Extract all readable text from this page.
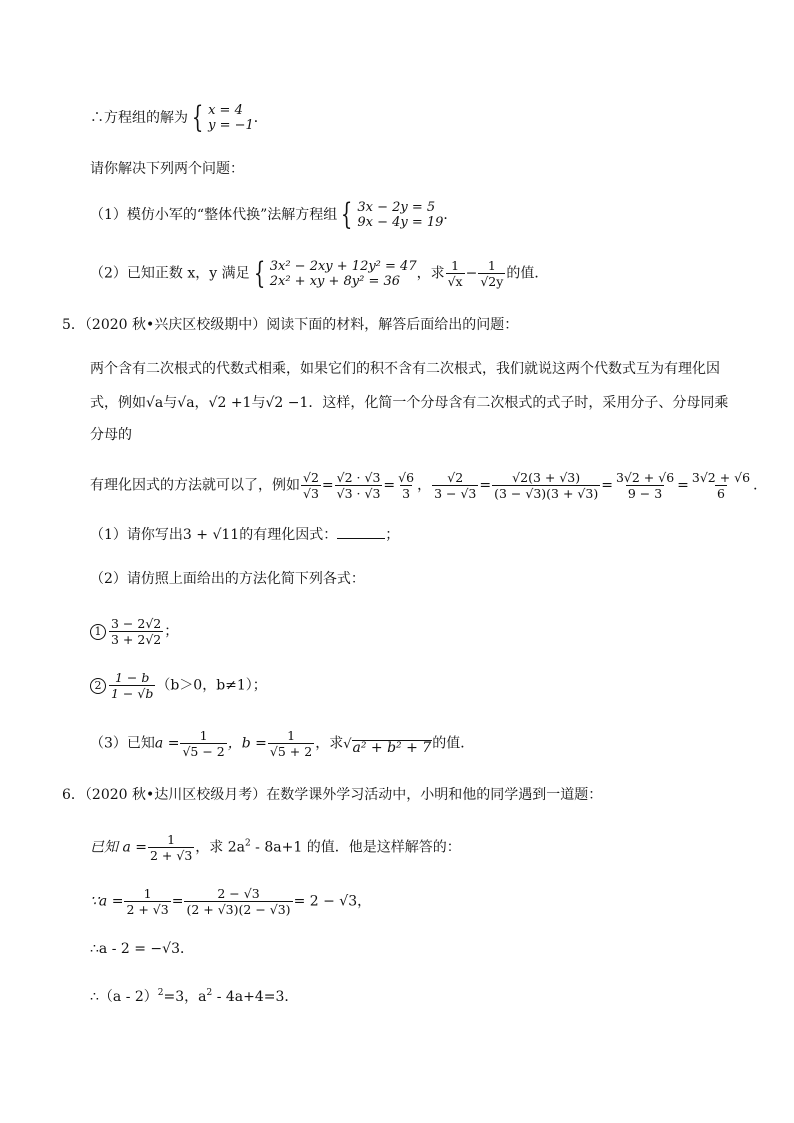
∴方程组的解为 { x = 4
y = −1 ．
请你解决下列两个问题：
（1）模仿小军的“整体代换”法解方程组 { 3x − 2y = 5
9x − 4y = 19 ．
（2）已知正数 x，y 满足 { 3x² − 2xy + 12y² = 47
2x² + xy + 8y² = 36	，求 $\frac{1}{√x} - \frac{1}{√2y}$ 的值．
5．（2020 秋•兴庆区校级期中）阅读下面的材料，解答后面给出的问题：
两个含有二次根式的代数式相乘，如果它们的积不含有二次根式，我们就说这两个代数式互为有理化因
式，例如√a与√a，√2 +1与√2 −1．这样，化简一个分母含有二次根式的式子时，采用分子、分母同乘
分母的
有理化因式的方法就可以了，例如 $\frac{√2}{√3} = \frac{√2 \cdot √3}{√3 \cdot √3} = \frac{√6}{3}$ ， $\frac{√2}{3 - √3} = \frac{√2(3 + √3)}{(3 - √3)(3 + √3)} = \frac{3√2 + √6}{9 - 3} = \frac{3√2 + √6}{6}$ ．
（1）请你写出3 + √11的有理化因式：	；
（2）请仿照上面给出的方法化简下列各式：
$1 \frac{3 - 2√2}{3 + 2√2}$ ；
$2 \frac{1 - b}{1 - √b} (b>0$，b≠1）；
（3）已知$a = \frac{1}{√5 - 2}$ ，$b = \frac{1}{√5 + 2}$ ，求 √ a² + b² + 7 的值．
6．（2020 秋•达川区校级月考）在数学课外学习活动中，小明和他的同学遇到一道题：
已知 $a = \frac{1}{2 + √3}$ ，求 $2a^2 - 8a+1$ 的值．他是这样解答的：
∵a = $\frac{1}{2 + √3} = \frac{2 - √3}{(2 + √3)(2 - √3)} = 2 - √3$，
∴a - 2 = −√3．
∴（a - 2）$^2$=3，$a^2 - 4a+4=3$．
